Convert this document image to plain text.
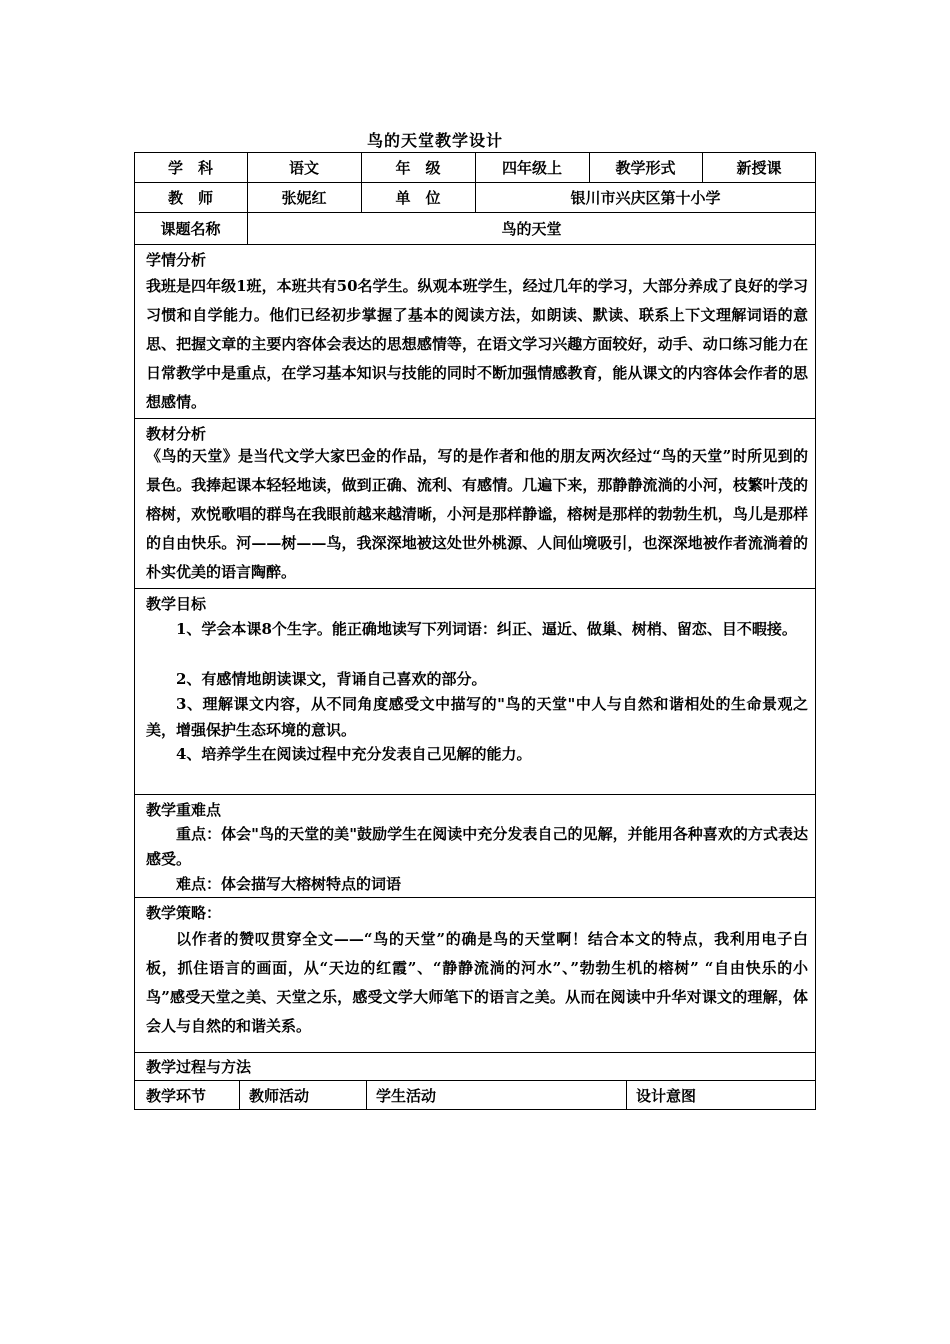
鸟的天堂教学设计
学　科	语文	年　级	四年级上	教学形式	新授课
教　师	张妮红	单　位	银川市兴庆区第十小学
课题名称	鸟的天堂
学情分析
我班是四年级1班，本班共有50名学生。纵观本班学生，经过几年的学习，大部分养成了良好的学习习惯和自学能力。他们已经初步掌握了基本的阅读方法，如朗读、默读、联系上下文理解词语的意思、把握文章的主要内容体会表达的思想感情等，在语文学习兴趣方面较好，动手、动口练习能力在日常教学中是重点，在学习基本知识与技能的同时不断加强情感教育，能从课文的内容体会作者的思想感情。
教材分析
《鸟的天堂》是当代文学大家巴金的作品，写的是作者和他的朋友两次经过“鸟的天堂”时所见到的景色。我捧起课本轻轻地读，做到正确、流利、有感情。几遍下来，那静静流淌的小河，枝繁叶茂的榕树，欢悦歌唱的群鸟在我眼前越来越清晰，小河是那样静谧，榕树是那样的勃勃生机，鸟儿是那样的自由快乐。河——树——鸟，我深深地被这处世外桃源、人间仙境吸引，也深深地被作者流淌着的朴实优美的语言陶醉。
教学目标
1、学会本课8个生字。能正确地读写下列词语：纠正、逼近、做巢、树梢、留恋、目不暇接。
2、有感情地朗读课文，背诵自己喜欢的部分。
3、理解课文内容，从不同角度感受文中描写的"鸟的天堂"中人与自然和谐相处的生命景观之美，增强保护生态环境的意识。
4、培养学生在阅读过程中充分发表自己见解的能力。
教学重难点
重点：体会"鸟的天堂的美"鼓励学生在阅读中充分发表自己的见解，并能用各种喜欢的方式表达感受。
难点：体会描写大榕树特点的词语
教学策略：
以作者的赞叹贯穿全文——“鸟的天堂”的确是鸟的天堂啊！结合本文的特点，我利用电子白板，抓住语言的画面，从“天边的红霞”、“静静流淌的河水”、”勃勃生机的榕树” “自由快乐的小鸟”感受天堂之美、天堂之乐，感受文学大师笔下的语言之美。从而在阅读中升华对课文的理解，体会人与自然的和谐关系。
教学过程与方法
教学环节	教师活动	学生活动	设计意图
